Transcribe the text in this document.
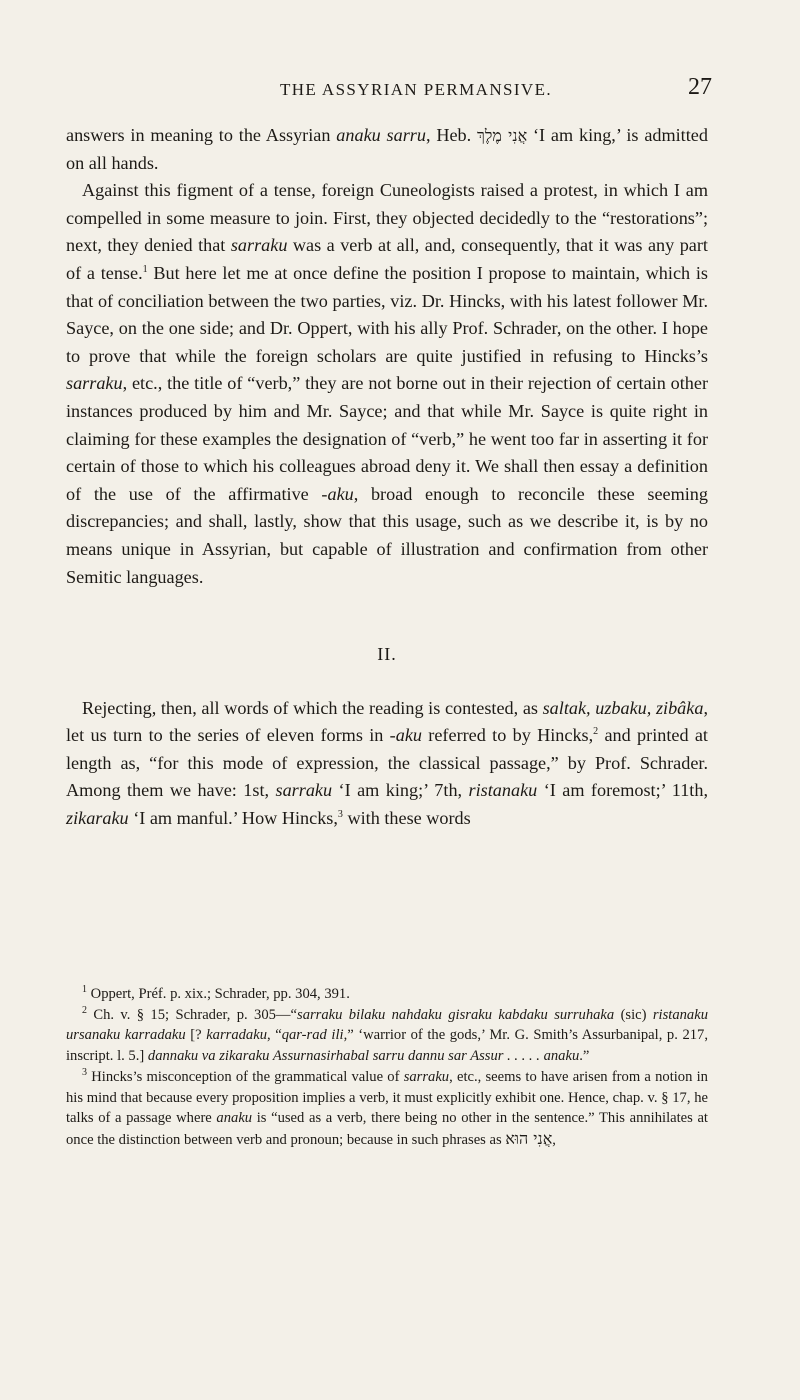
THE ASSYRIAN PERMANSIVE.	27

answers in meaning to the Assyrian anaku sarru, Heb. אֲנִי מֶלֶךְ ‘I am king,’ is admitted on all hands.

Against this figment of a tense, foreign Cuneologists raised a protest, in which I am compelled in some measure to join. First, they objected decidedly to the “restorations”; next, they denied that sarraku was a verb at all, and, consequently, that it was any part of a tense.$^1$ But here let me at once define the position I propose to maintain, which is that of conciliation between the two parties, viz. Dr. Hincks, with his latest follower Mr. Sayce, on the one side; and Dr. Oppert, with his ally Prof. Schrader, on the other. I hope to prove that while the foreign scholars are quite justified in refusing to Hincks’s sarraku, etc., the title of “verb,” they are not borne out in their rejection of certain other instances produced by him and Mr. Sayce; and that while Mr. Sayce is quite right in claiming for these examples the designation of “verb,” he went too far in asserting it for certain of those to which his colleagues abroad deny it. We shall then essay a definition of the use of the affirmative -aku, broad enough to reconcile these seeming discrepancies; and shall, lastly, show that this usage, such as we describe it, is by no means unique in Assyrian, but capable of illustration and confirmation from other Semitic languages.

II.

Rejecting, then, all words of which the reading is contested, as saltak, uzbaku, zibâka, let us turn to the series of eleven forms in -aku referred to by Hincks,$^2$ and printed at length as, “for this mode of expression, the classical passage,” by Prof. Schrader. Among them we have: 1st, sarraku ‘I am king;’ 7th, ristanaku ‘I am foremost;’ 11th, zikaraku ‘I am manful.’ How Hincks,$^3$ with these words

$^1$ Oppert, Préf. p. xix.; Schrader, pp. 304, 391.

$^2$ Ch. v. § 15; Schrader, p. 305—“sarraku bilaku nahdaku gisraku kabdaku surruhaka (sic) ristanaku ursanaku karradaku [? karradaku, “qar-rad ili,” ‘warrior of the gods,’ Mr. G. Smith’s Assurbanipal, p. 217, inscript. l. 5.] dannaku va zikaraku Assurnasirhabal sarru dannu sar Assur . . . . . anaku.”

$^3$ Hincks’s misconception of the grammatical value of sarraku, etc., seems to have arisen from a notion in his mind that because every proposition implies a verb, it must explicitly exhibit one. Hence, chap. v. § 17, he talks of a passage where anaku is “used as a verb, there being no other in the sentence.” This annihilates at once the distinction between verb and pronoun; because in such phrases as אֲנִי הוּא,
